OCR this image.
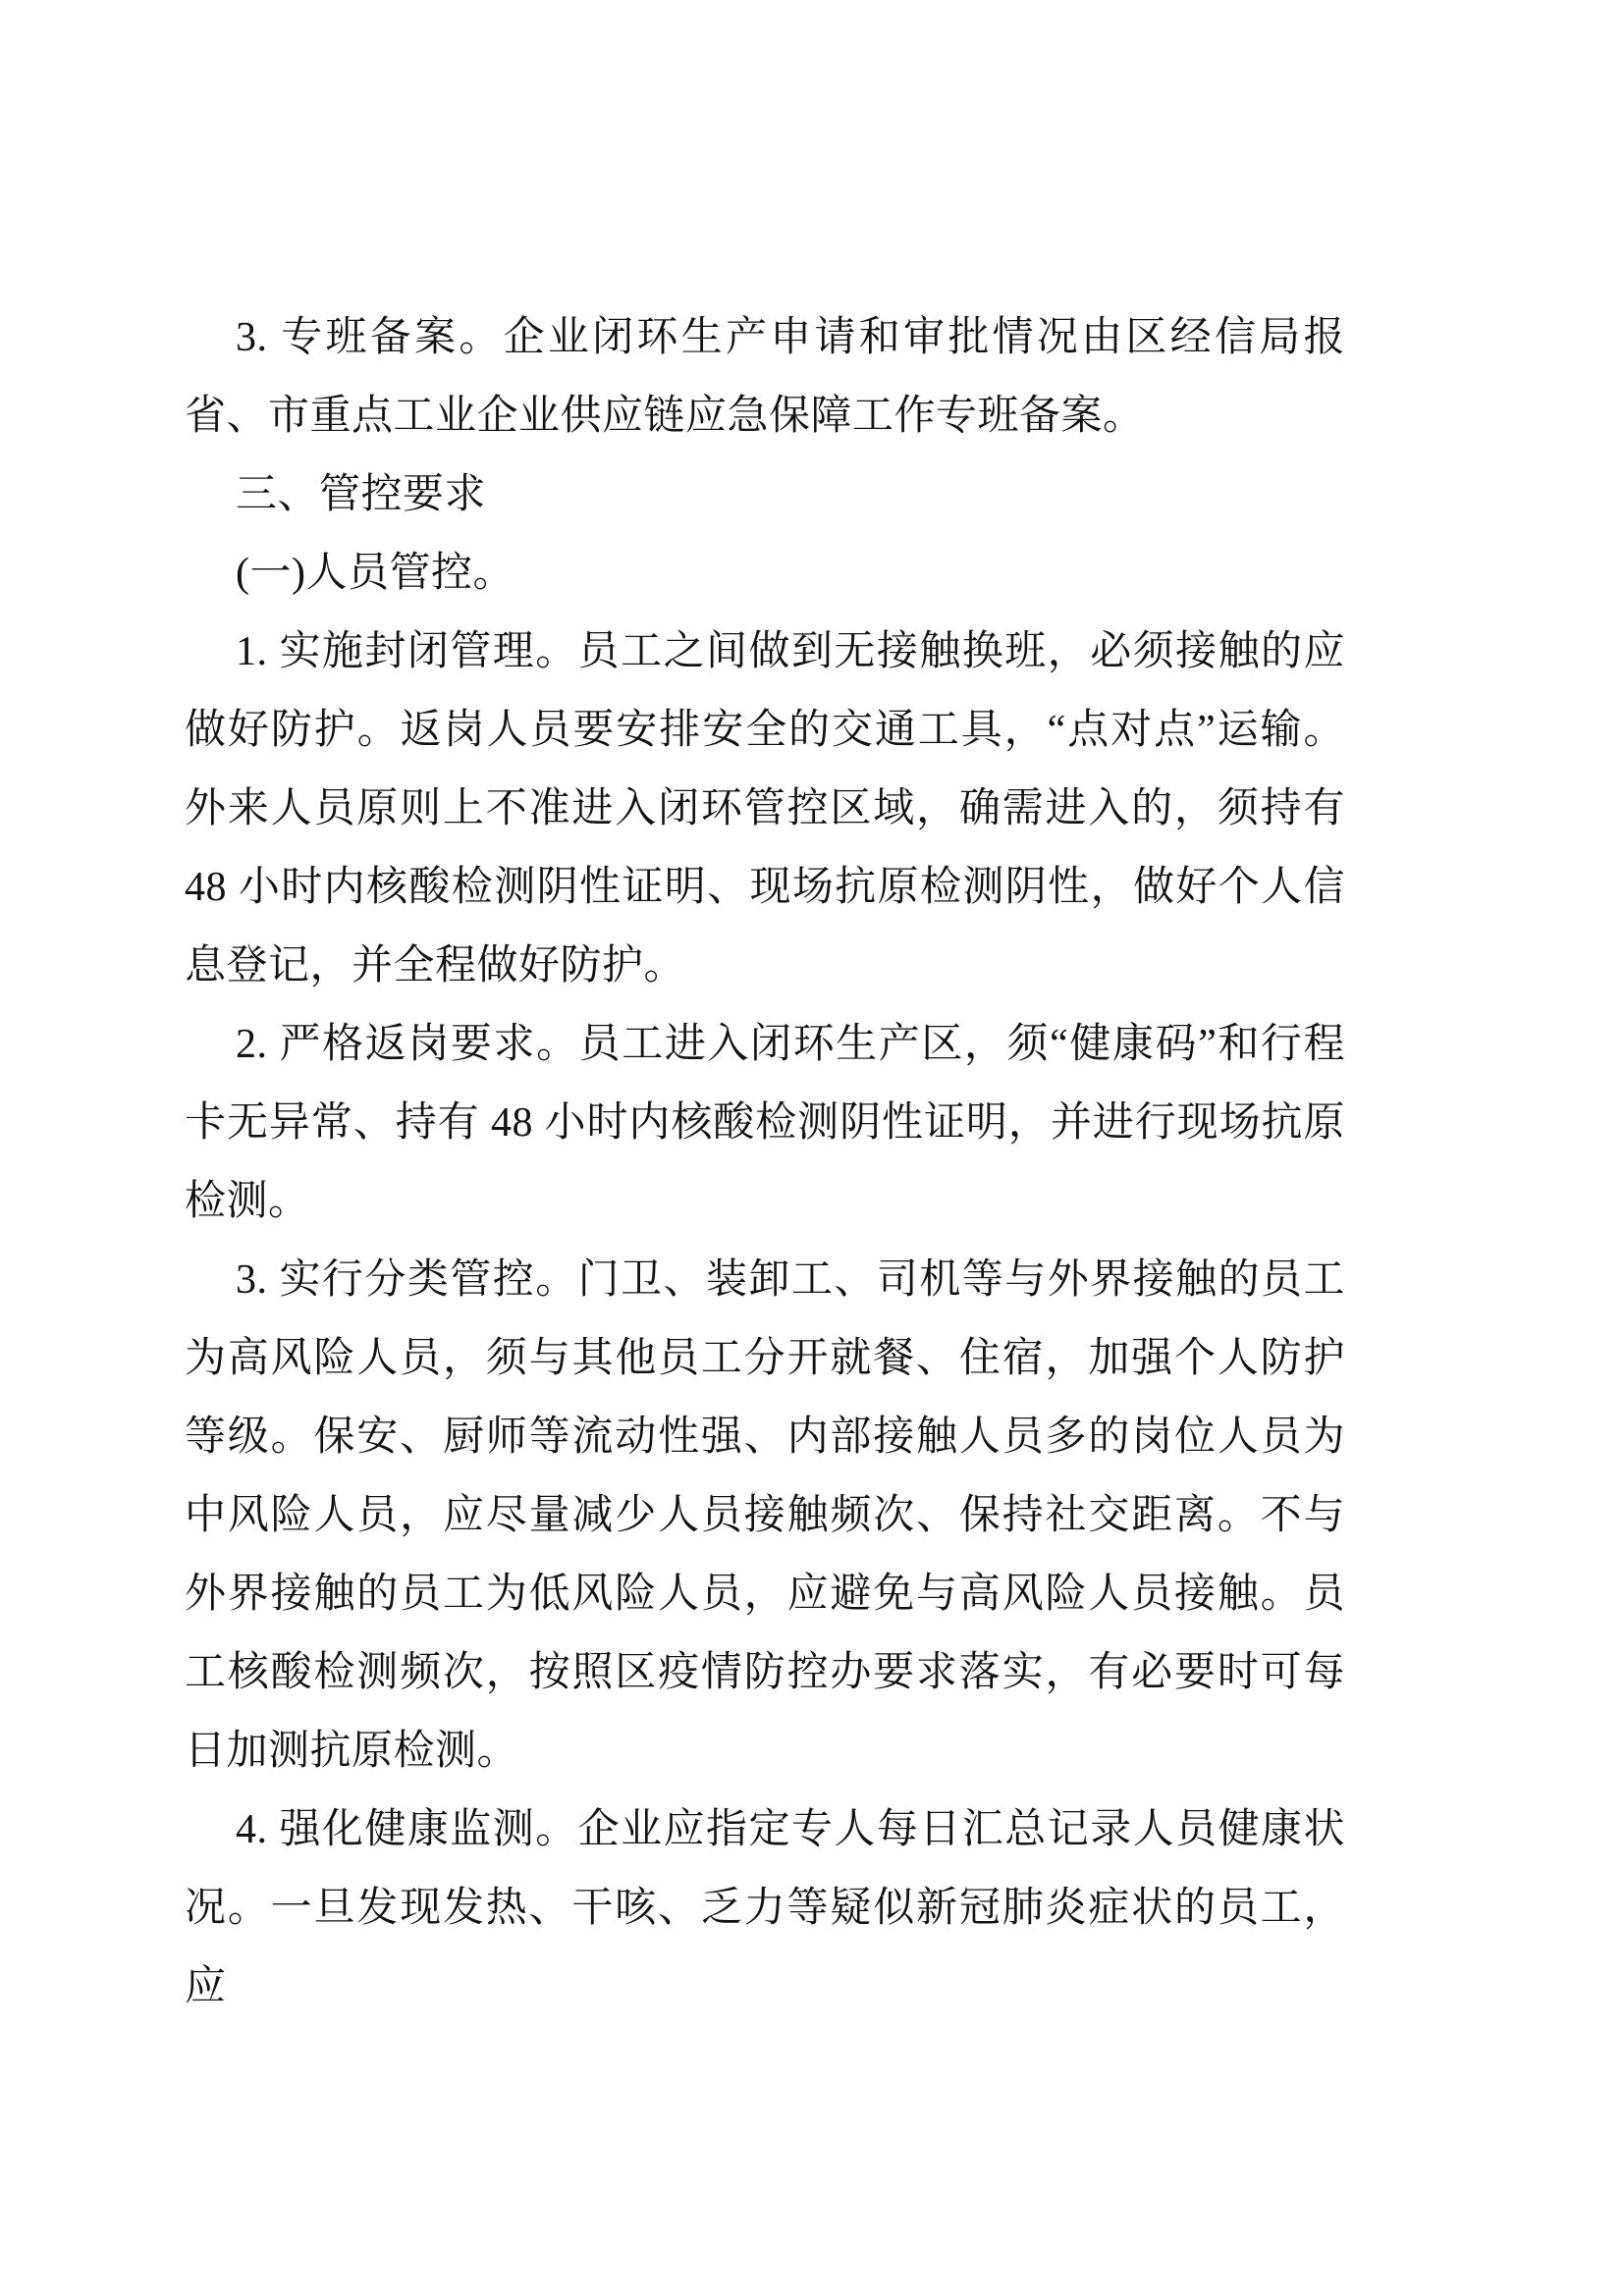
3. 专班备案。企业闭环生产申请和审批情况由区经信局报省、市重点工业企业供应链应急保障工作专班备案。

三、管控要求

(一)人员管控。

1. 实施封闭管理。员工之间做到无接触换班，必须接触的应做好防护。返岗人员要安排安全的交通工具，“点对点”运输。外来人员原则上不准进入闭环管控区域，确需进入的，须持有 48 小时内核酸检测阴性证明、现场抗原检测阴性，做好个人信息登记，并全程做好防护。

2. 严格返岗要求。员工进入闭环生产区，须“健康码”和行程卡无异常、持有 48 小时内核酸检测阴性证明，并进行现场抗原检测。

3. 实行分类管控。门卫、装卸工、司机等与外界接触的员工为高风险人员，须与其他员工分开就餐、住宿，加强个人防护等级。保安、厨师等流动性强、内部接触人员多的岗位人员为中风险人员，应尽量减少人员接触频次、保持社交距离。不与外界接触的员工为低风险人员，应避免与高风险人员接触。员工核酸检测频次，按照区疫情防控办要求落实，有必要时可每日加测抗原检测。

4. 强化健康监测。企业应指定专人每日汇总记录人员健康状况。一旦发现发热、干咳、乏力等疑似新冠肺炎症状的员工，应
